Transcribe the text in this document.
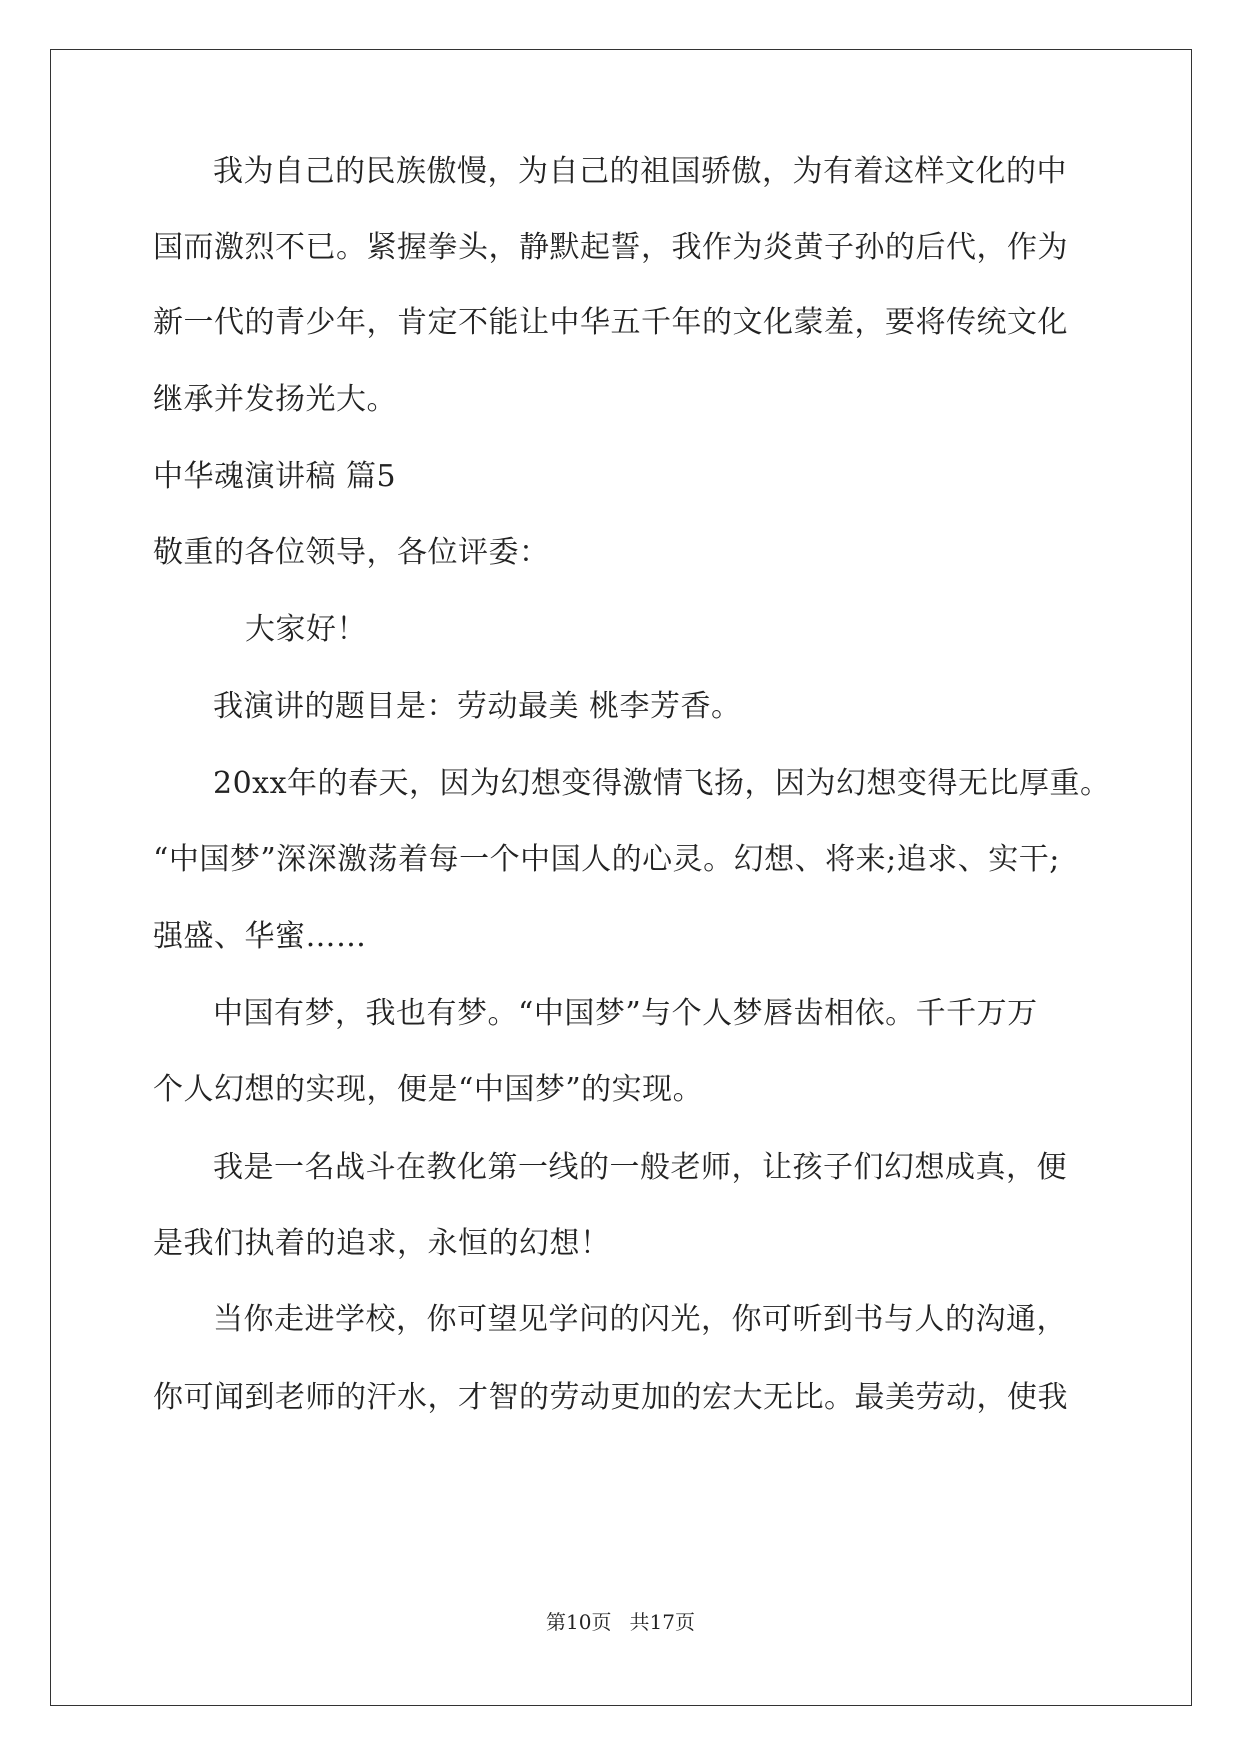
我为自己的民族傲慢，为自己的祖国骄傲，为有着这样文化的中
国而激烈不已。紧握拳头，静默起誓，我作为炎黄子孙的后代，作为
新一代的青少年，肯定不能让中华五千年的文化蒙羞，要将传统文化
继承并发扬光大。
中华魂演讲稿 篇5
敬重的各位领导，各位评委：
大家好！
我演讲的题目是：劳动最美 桃李芳香。
20xx年的春天，因为幻想变得激情飞扬，因为幻想变得无比厚重。
“中国梦”深深激荡着每一个中国人的心灵。幻想、将来;追求、实干;
强盛、华蜜……
中国有梦，我也有梦。“中国梦”与个人梦唇齿相依。千千万万
个人幻想的实现，便是“中国梦”的实现。
我是一名战斗在教化第一线的一般老师，让孩子们幻想成真，便
是我们执着的追求，永恒的幻想！
当你走进学校，你可望见学问的闪光，你可听到书与人的沟通，
你可闻到老师的汗水，才智的劳动更加的宏大无比。最美劳动，使我
第10页 共17页
